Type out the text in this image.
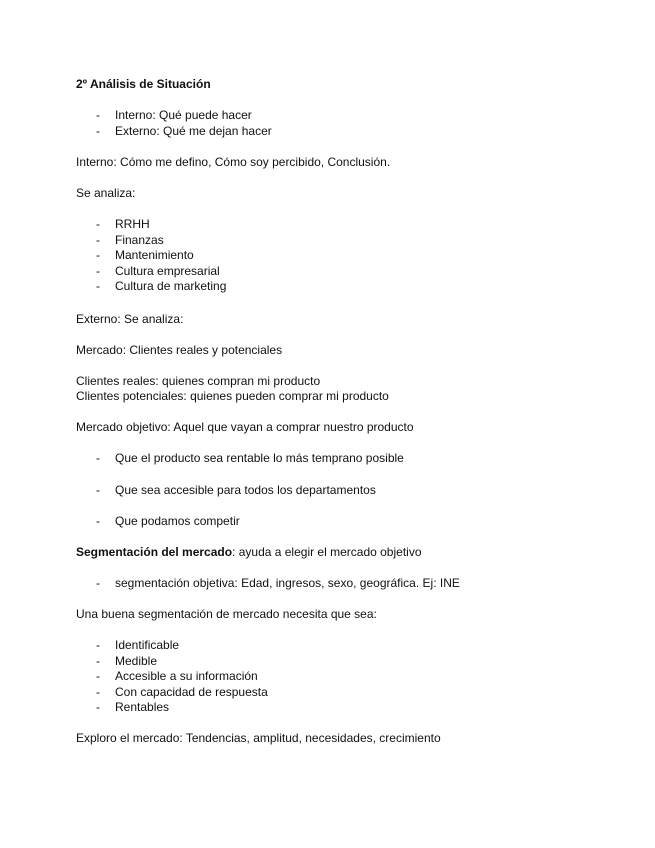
2º Análisis de Situación
- Interno: Qué puede hacer
- Externo: Qué me dejan hacer
Interno: Cómo me defino, Cómo soy percibido, Conclusión.
Se analiza:
- RRHH
- Finanzas
- Mantenimiento
- Cultura empresarial
- Cultura de marketing
Externo: Se analiza:
Mercado: Clientes reales y potenciales
Clientes reales: quienes compran mi producto
Clientes potenciales: quienes pueden comprar mi producto
Mercado objetivo: Aquel que vayan a comprar nuestro producto
- Que el producto sea rentable lo más temprano posible
- Que sea accesible para todos los departamentos
- Que podamos competir
Segmentación del mercado: ayuda a elegir el mercado objetivo
- segmentación objetiva: Edad, ingresos, sexo, geográfica. Ej: INE
Una buena segmentación de mercado necesita que sea:
- Identificable
- Medible
- Accesible a su información
- Con capacidad de respuesta
- Rentables
Exploro el mercado: Tendencias, amplitud, necesidades, crecimiento
